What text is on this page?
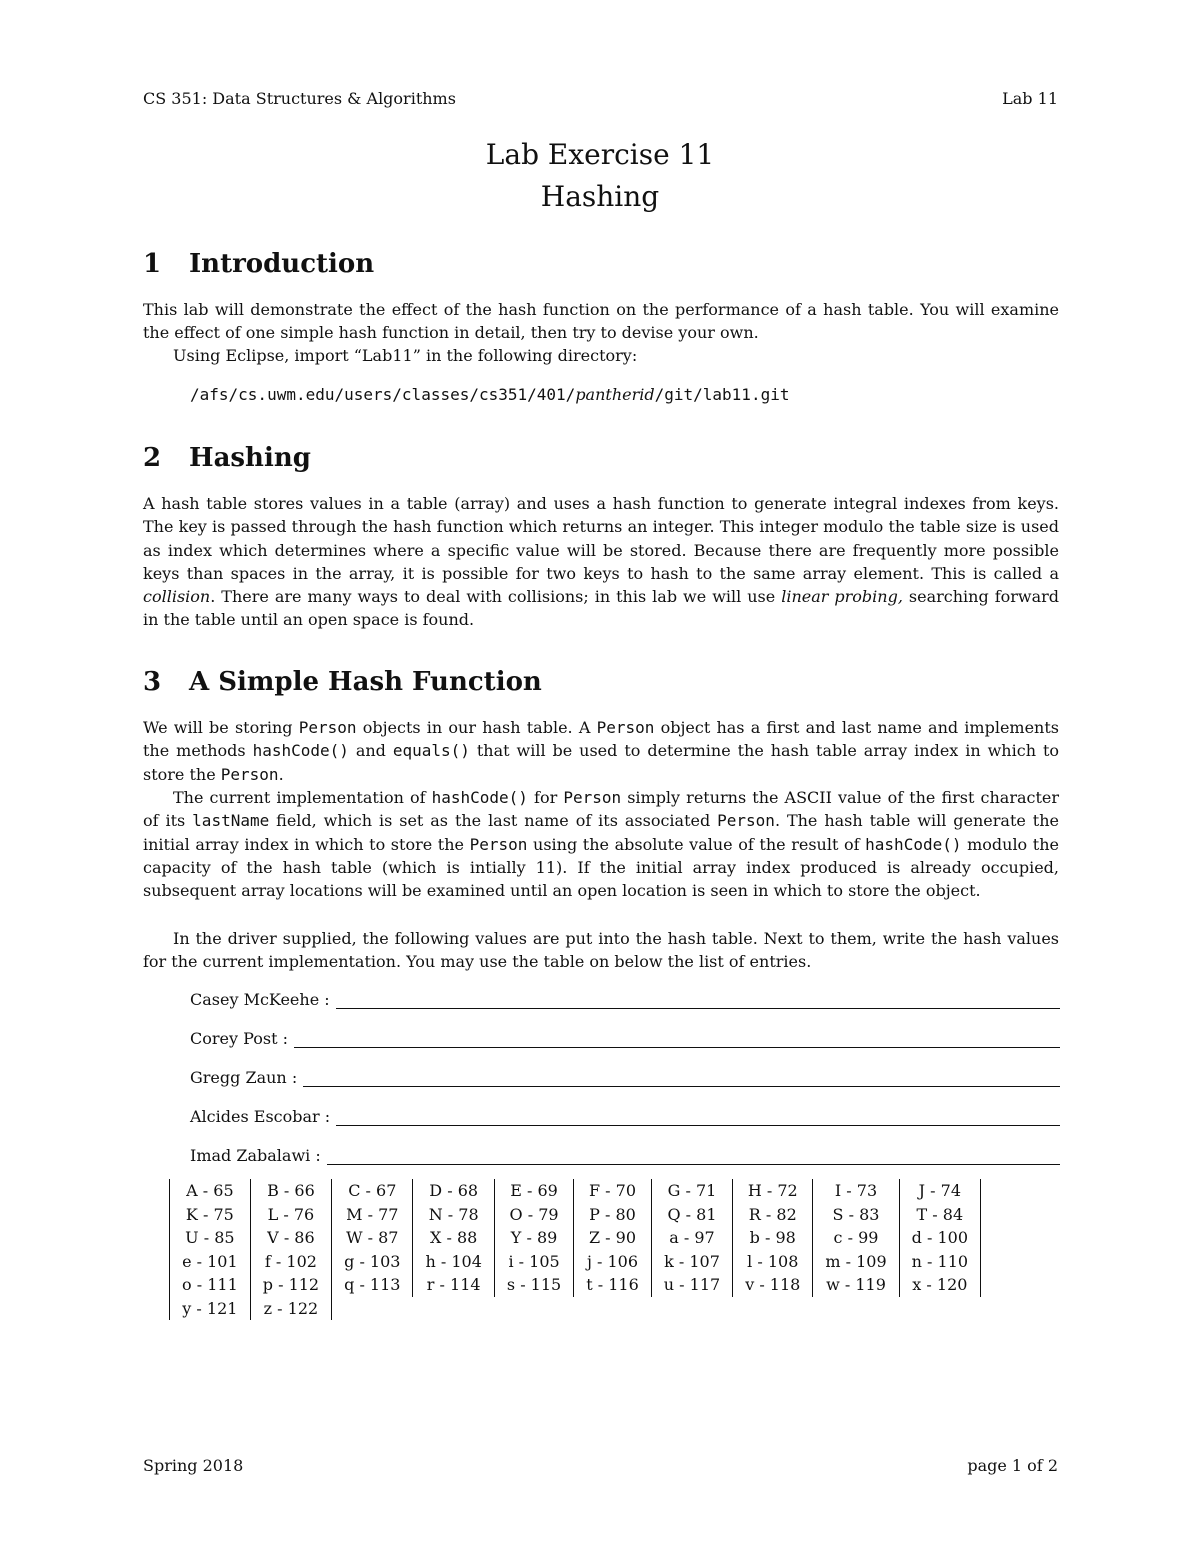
CS 351: Data Structures & Algorithms	Lab 11
Lab Exercise 11
Hashing
1 Introduction
This lab will demonstrate the effect of the hash function on the performance of a hash table. You will examine the effect of one simple hash function in detail, then try to devise your own.
Using Eclipse, import “Lab11” in the following directory:
/afs/cs.uwm.edu/users/classes/cs351/401/pantherid/git/lab11.git
2 Hashing
A hash table stores values in a table (array) and uses a hash function to generate integral indexes from keys. The key is passed through the hash function which returns an integer. This integer modulo the table size is used as index which determines where a specific value will be stored. Because there are frequently more possible keys than spaces in the array, it is possible for two keys to hash to the same array element. This is called a collision. There are many ways to deal with collisions; in this lab we will use linear probing, searching forward in the table until an open space is found.
3 A Simple Hash Function
We will be storing Person objects in our hash table. A Person object has a first and last name and implements the methods hashCode() and equals() that will be used to determine the hash table array index in which to store the Person.
The current implementation of hashCode() for Person simply returns the ASCII value of the first character of its lastName field, which is set as the last name of its associated Person. The hash table will generate the initial array index in which to store the Person using the absolute value of the result of hashCode() modulo the capacity of the hash table (which is intially 11). If the initial array index produced is already occupied, subsequent array locations will be examined until an open location is seen in which to store the object.
In the driver supplied, the following values are put into the hash table. Next to them, write the hash values for the current implementation. You may use the table on below the list of entries.
Casey McKeehe :
Corey Post :
Gregg Zaun :
Alcides Escobar :
Imad Zabalawi :
A - 65	B - 66	C - 67	D - 68	E - 69	F - 70	G - 71	H - 72	I - 73	J - 74
K - 75	L - 76	M - 77	N - 78	O - 79	P - 80	Q - 81	R - 82	S - 83	T - 84
U - 85	V - 86	W - 87	X - 88	Y - 89	Z - 90	a - 97	b - 98	c - 99	d - 100
e - 101	f - 102	g - 103	h - 104	i - 105	j - 106	k - 107	l - 108	m - 109	n - 110
o - 111	p - 112	q - 113	r - 114	s - 115	t - 116	u - 117	v - 118	w - 119	x - 120
y - 121	z - 122								
Spring 2018	page 1 of 2
